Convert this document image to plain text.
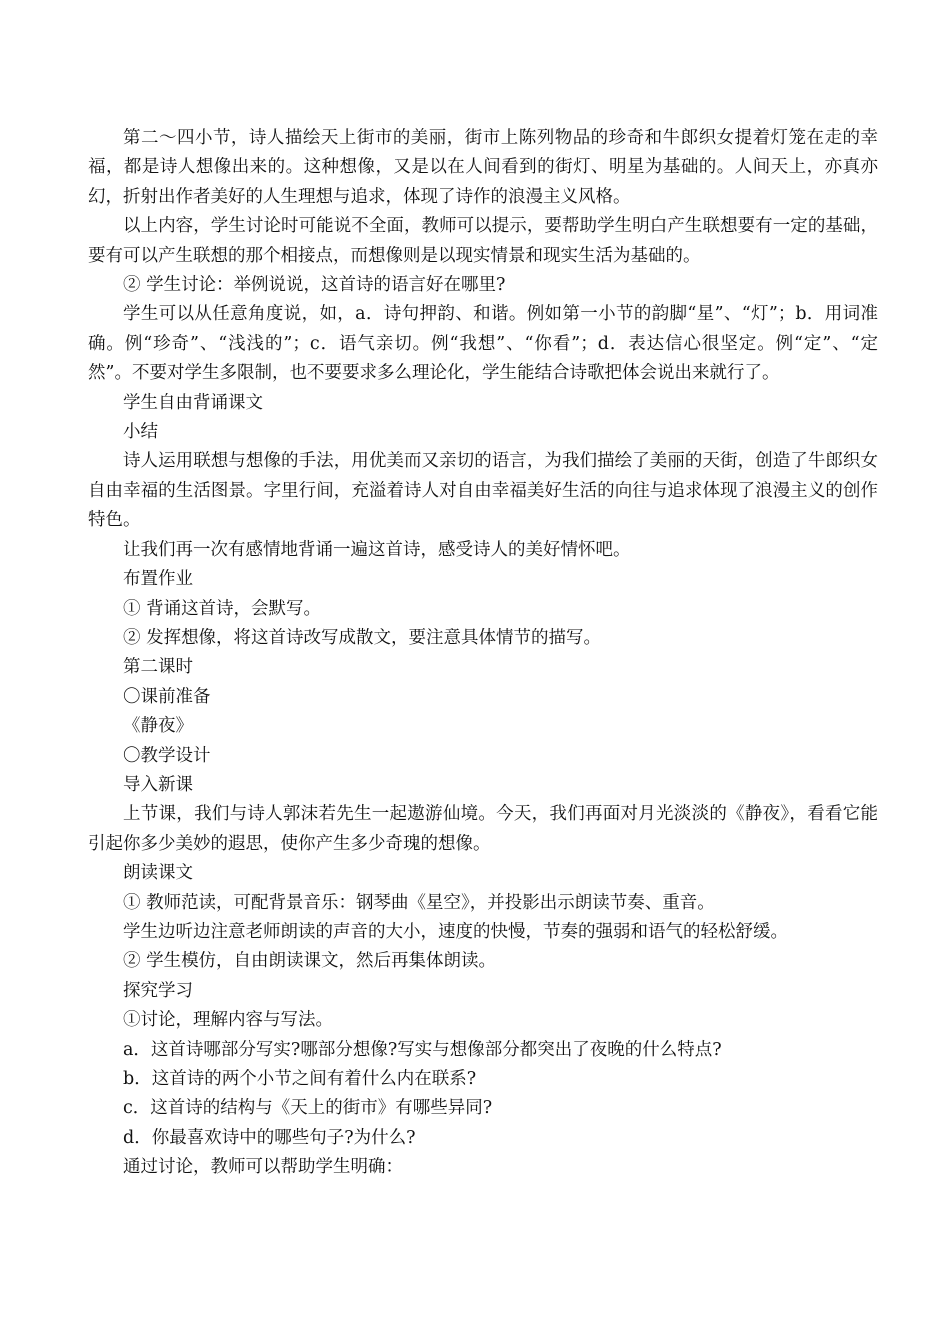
第二～四小节，诗人描绘天上街市的美丽，街市上陈列物品的珍奇和牛郎织女提着灯笼在走的幸福，都是诗人想像出来的。这种想像，又是以在人间看到的街灯、明星为基础的。人间天上，亦真亦幻，折射出作者美好的人生理想与追求，体现了诗作的浪漫主义风格。

以上内容，学生讨论时可能说不全面，教师可以提示，要帮助学生明白产生联想要有一定的基础，要有可以产生联想的那个相接点，而想像则是以现实情景和现实生活为基础的。

② 学生讨论：举例说说，这首诗的语言好在哪里?

学生可以从任意角度说，如，a．诗句押韵、和谐。例如第一小节的韵脚“星”、“灯”；b．用词准确。例“珍奇”、“浅浅的”；c．语气亲切。例“我想”、“你看”；d．表达信心很坚定。例“定”、“定然”。不要对学生多限制，也不要要求多么理论化，学生能结合诗歌把体会说出来就行了。

学生自由背诵课文

小结

诗人运用联想与想像的手法，用优美而又亲切的语言，为我们描绘了美丽的天街，创造了牛郎织女自由幸福的生活图景。字里行间，充溢着诗人对自由幸福美好生活的向往与追求体现了浪漫主义的创作特色。

让我们再一次有感情地背诵一遍这首诗，感受诗人的美好情怀吧。

布置作业

① 背诵这首诗，会默写。

② 发挥想像，将这首诗改写成散文，要注意具体情节的描写。

第二课时

〇课前准备

《静夜》

〇教学设计

导入新课

上节课，我们与诗人郭沫若先生一起遨游仙境。今天，我们再面对月光淡淡的《静夜》，看看它能引起你多少美妙的遐思，使你产生多少奇瑰的想像。

朗读课文

① 教师范读，可配背景音乐：钢琴曲《星空》，并投影出示朗读节奏、重音。

学生边听边注意老师朗读的声音的大小，速度的快慢，节奏的强弱和语气的轻松舒缓。

② 学生模仿，自由朗读课文，然后再集体朗读。

探究学习

①讨论，理解内容与写法。

a．这首诗哪部分写实?哪部分想像?写实与想像部分都突出了夜晚的什么特点?

b．这首诗的两个小节之间有着什么内在联系?

c．这首诗的结构与《天上的街市》有哪些异同?

d．你最喜欢诗中的哪些句子?为什么?

通过讨论，教师可以帮助学生明确：
